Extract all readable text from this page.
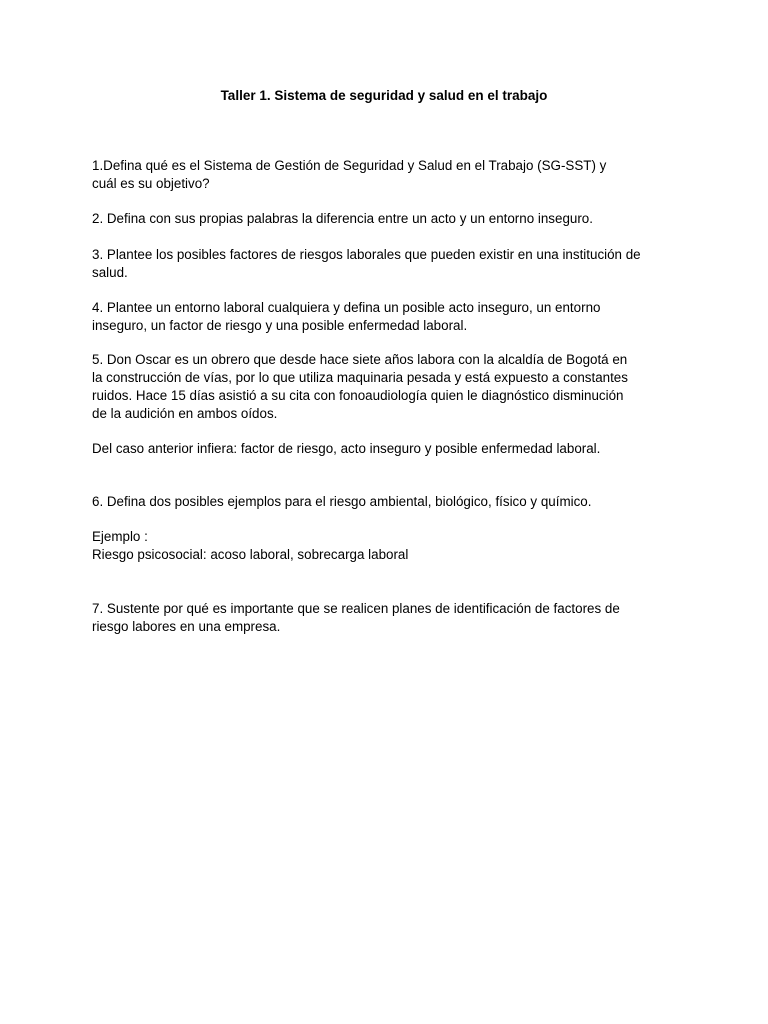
Taller 1. Sistema de seguridad y salud en el trabajo
1.Defina qué es el Sistema de Gestión de Seguridad y Salud en el Trabajo (SG-SST) y
cuál es su objetivo?
2. Defina con sus propias palabras la diferencia entre un acto y un entorno inseguro.
3. Plantee los posibles factores de riesgos laborales que pueden existir en una institución de
salud.
4. Plantee un entorno laboral cualquiera y defina un posible acto inseguro, un entorno
inseguro, un factor de riesgo y una posible enfermedad laboral.
5. Don Oscar es un obrero que desde hace siete años labora con la alcaldía de Bogotá en
la construcción de vías, por lo que utiliza maquinaria pesada y está expuesto a constantes
ruidos. Hace 15 días asistió a su cita con fonoaudiología quien le diagnóstico disminución
de la audición en ambos oídos.
Del caso anterior infiera: factor de riesgo, acto inseguro y posible enfermedad laboral.
6. Defina dos posibles ejemplos para el riesgo ambiental, biológico, físico y químico.
Ejemplo :
Riesgo psicosocial: acoso laboral, sobrecarga laboral
7. Sustente por qué es importante que se realicen planes de identificación de factores de
riesgo labores en una empresa.
